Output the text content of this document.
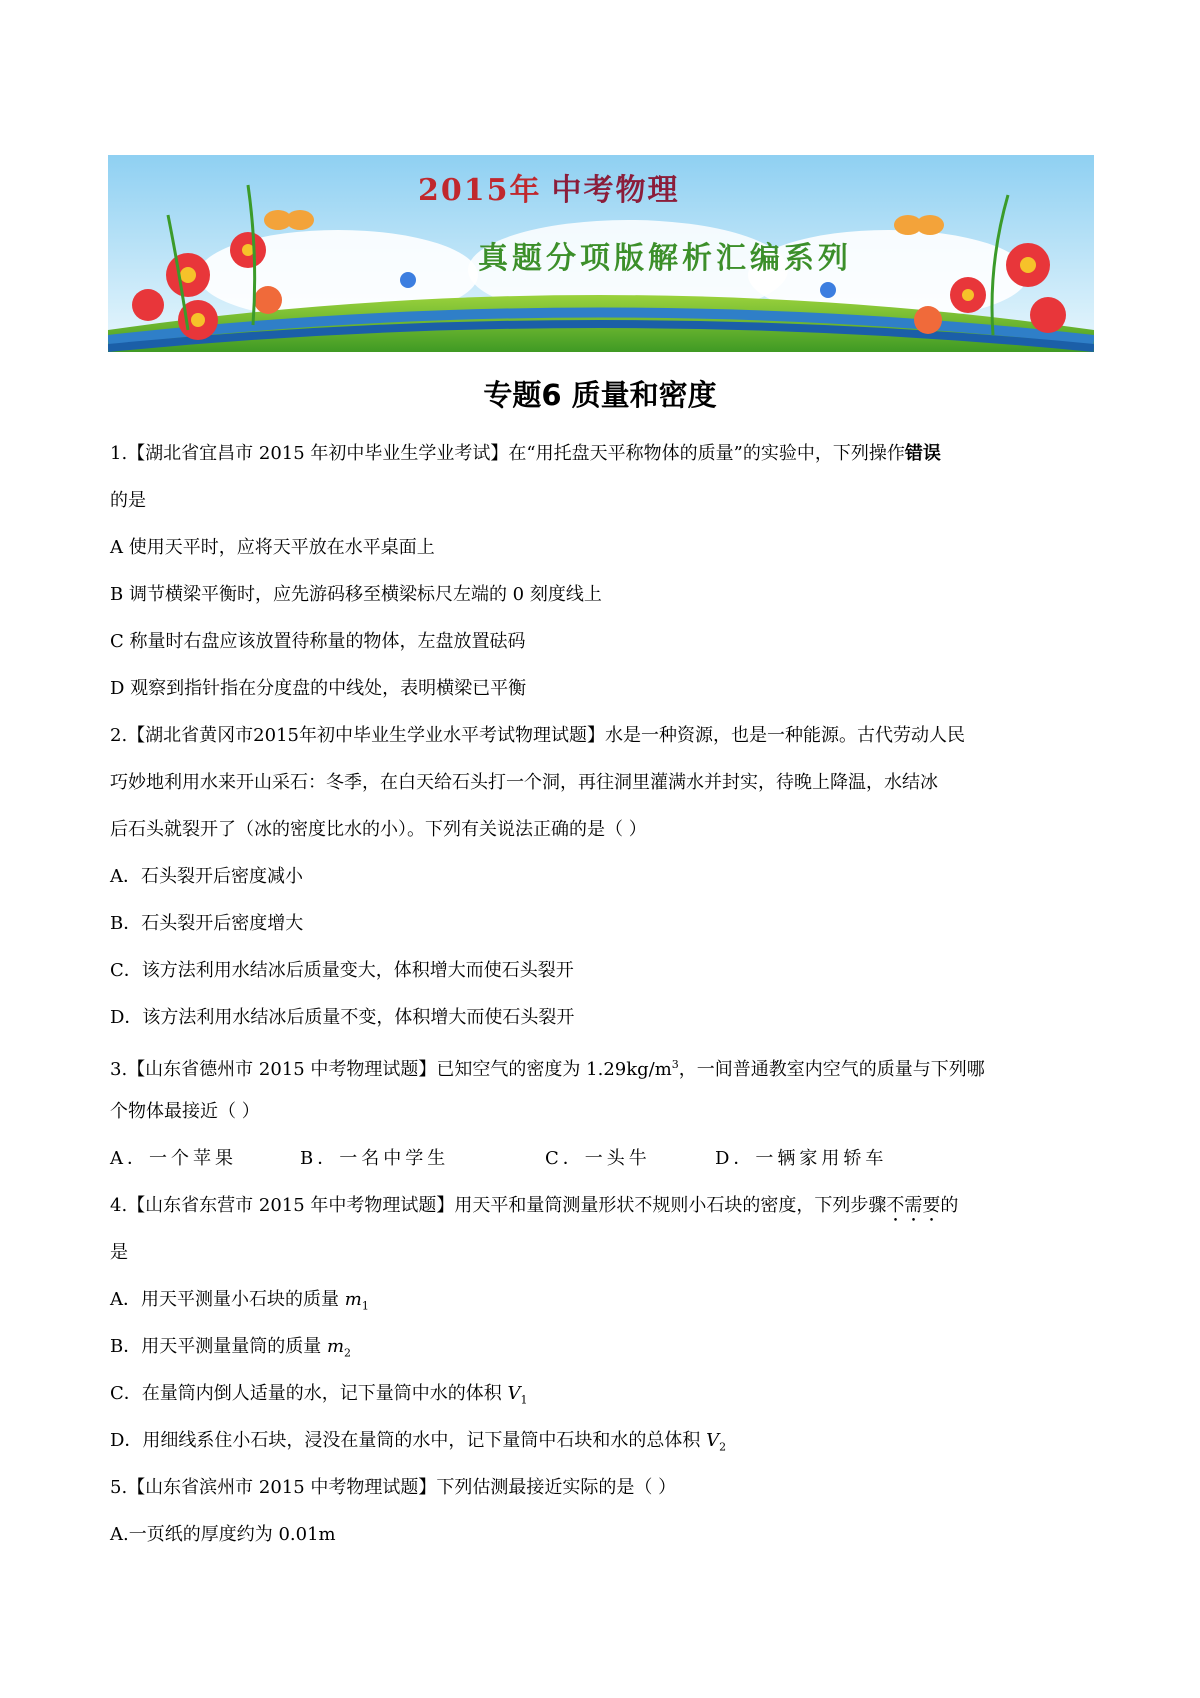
2015年 中考物理
真题分项版解析汇编系列
专题6 质量和密度
1.【湖北省宜昌市 2015 年初中毕业生学业考试】在“用托盘天平称物体的质量”的实验中，下列操作错误
的是
A 使用天平时，应将天平放在水平桌面上
B 调节横梁平衡时，应先游码移至横梁标尺左端的 0 刻度线上
C 称量时右盘应该放置待称量的物体，左盘放置砝码
D 观察到指针指在分度盘的中线处，表明横梁已平衡
2.【湖北省黄冈市2015年初中毕业生学业水平考试物理试题】水是一种资源，也是一种能源。古代劳动人民
巧妙地利用水来开山采石：冬季，在白天给石头打一个洞，再往洞里灌满水并封实，待晚上降温，水结冰
后石头就裂开了（冰的密度比水的小）。下列有关说法正确的是（ ）
A．石头裂开后密度减小
B．石头裂开后密度增大
C．该方法利用水结冰后质量变大，体积增大而使石头裂开
D．该方法利用水结冰后质量不变，体积增大而使石头裂开
3.【山东省德州市 2015 中考物理试题】已知空气的密度为 $1.29kg/m^3$，一间普通教室内空气的质量与下列哪
个物体最接近（ ）
A．一个苹果	B．一名中学生	C．一头牛	D．一辆家用轿车
4.【山东省东营市 2015 年中考物理试题】用天平和量筒测量形状不规则小石块的密度，下列步骤不需要的
是
A．用天平测量小石块的质量 $m_1$
B．用天平测量量筒的质量 $m_2$
C．在量筒内倒人适量的水，记下量筒中水的体积 $V_1$
D．用细线系住小石块，浸没在量筒的水中，记下量筒中石块和水的总体积 $V_2$
5.【山东省滨州市 2015 中考物理试题】下列估测最接近实际的是（ ）
A.一页纸的厚度约为 0.01m
